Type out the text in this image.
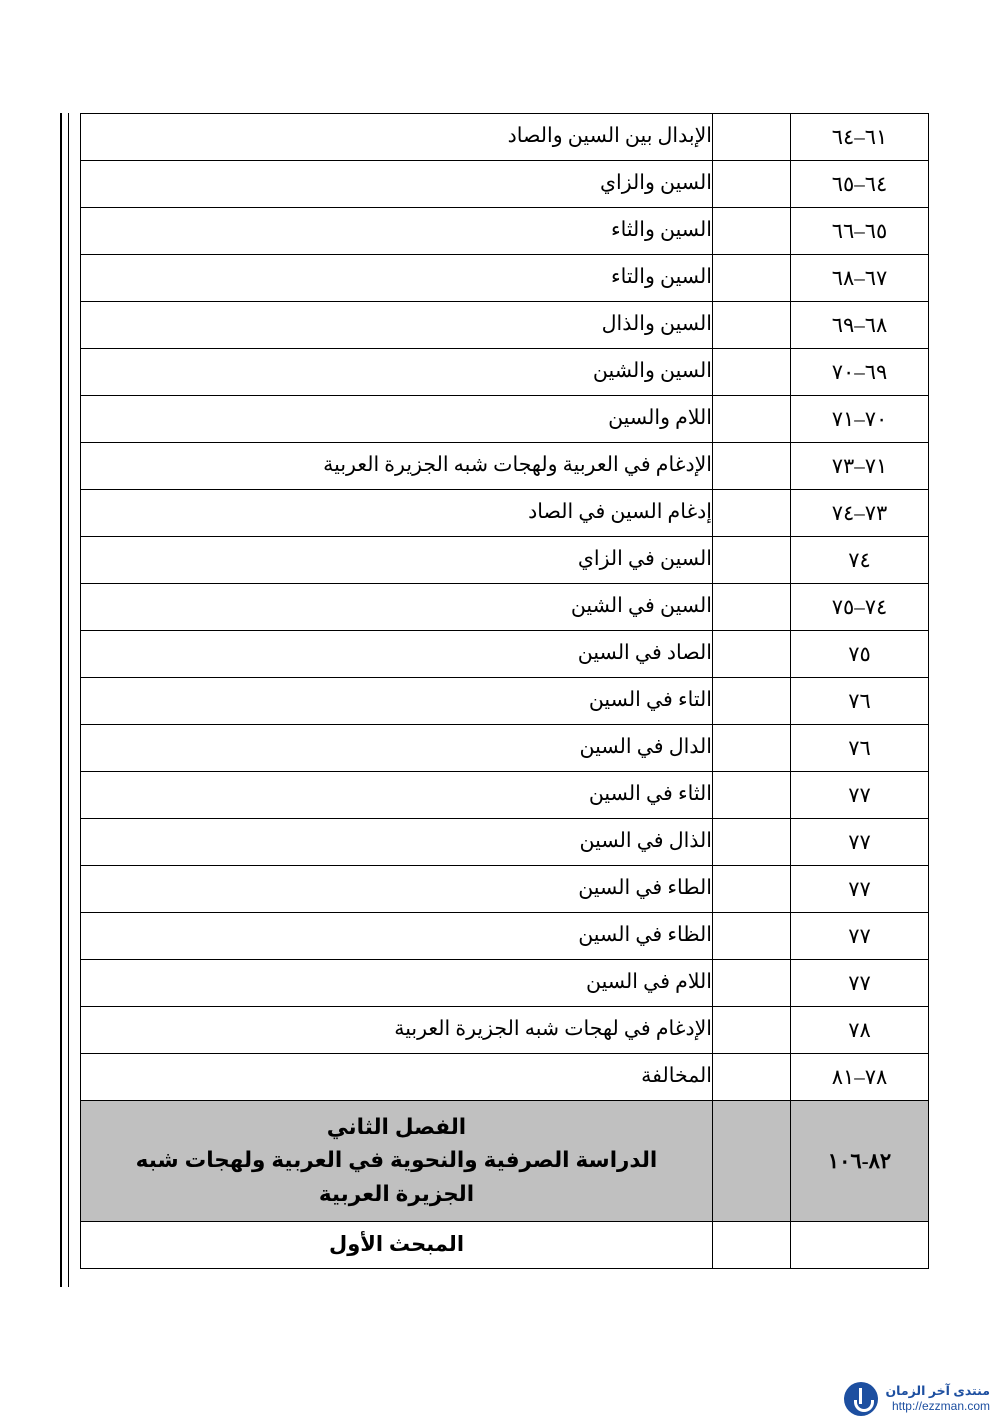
٦١–٦٤		الإبدال بين السين والصاد
٦٤–٦٥		السين والزاي
٦٥–٦٦		السين والثاء
٦٧–٦٨		السين والتاء
٦٨–٦٩		السين والذال
٦٩–٧٠		السين والشين
٧٠–٧١		اللام والسين
٧١–٧٣		الإدغام في العربية ولهجات شبه الجزيرة العربية
٧٣–٧٤		إدغام السين في الصاد
٧٤		السين في الزاي
٧٤–٧٥		السين في الشين
٧٥		الصاد في السين
٧٦		التاء في السين
٧٦		الدال في السين
٧٧		الثاء في السين
٧٧		الذال في السين
٧٧		الطاء في السين
٧٧		الظاء في السين
٧٧		اللام في السين
٧٨		الإدغام في لهجات شبه الجزيرة العربية
٧٨–٨١		المخالفة
٨٢-١٠٦		الفصل الثاني
الدراسة الصرفية والنحوية في العربية ولهجات شبه
الجزيرة العربية

		المبحث الأول
منتدى آخر الزمان
http://ezzman.com
